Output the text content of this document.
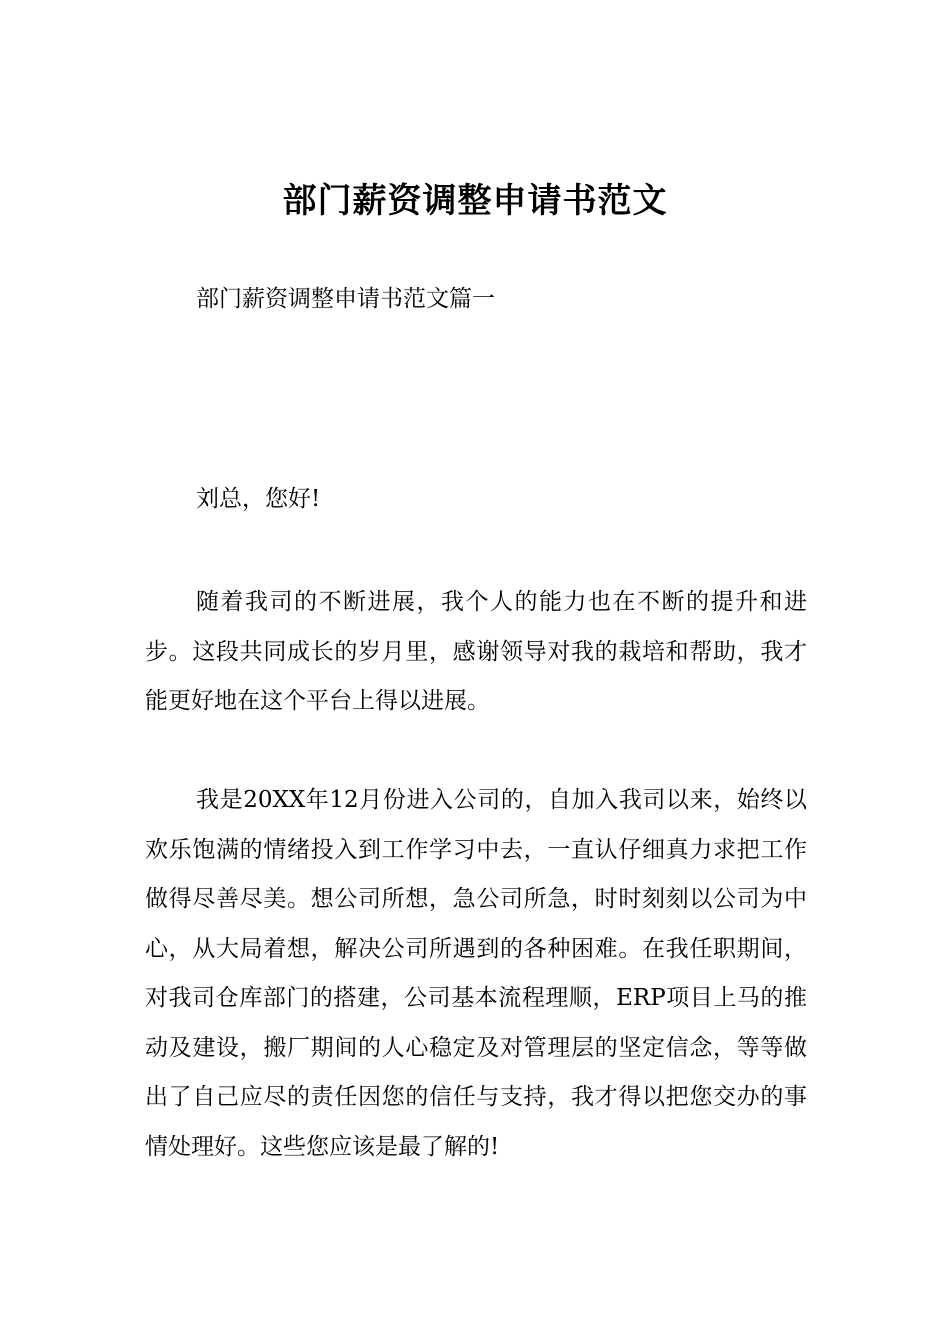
部门薪资调整申请书范文

部门薪资调整申请书范文篇一

刘总，您好!

随着我司的不断进展，我个人的能力也在不断的提升和进步。这段共同成长的岁月里，感谢领导对我的栽培和帮助，我才能更好地在这个平台上得以进展。

我是20XX年12月份进入公司的，自加入我司以来，始终以欢乐饱满的情绪投入到工作学习中去，一直认仔细真力求把工作做得尽善尽美。想公司所想，急公司所急，时时刻刻以公司为中心，从大局着想，解决公司所遇到的各种困难。在我任职期间，对我司仓库部门的搭建，公司基本流程理顺，ERP项目上马的推动及建设，搬厂期间的人心稳定及对管理层的坚定信念，等等做出了自己应尽的责任因您的信任与支持，我才得以把您交办的事情处理好。这些您应该是最了解的!
